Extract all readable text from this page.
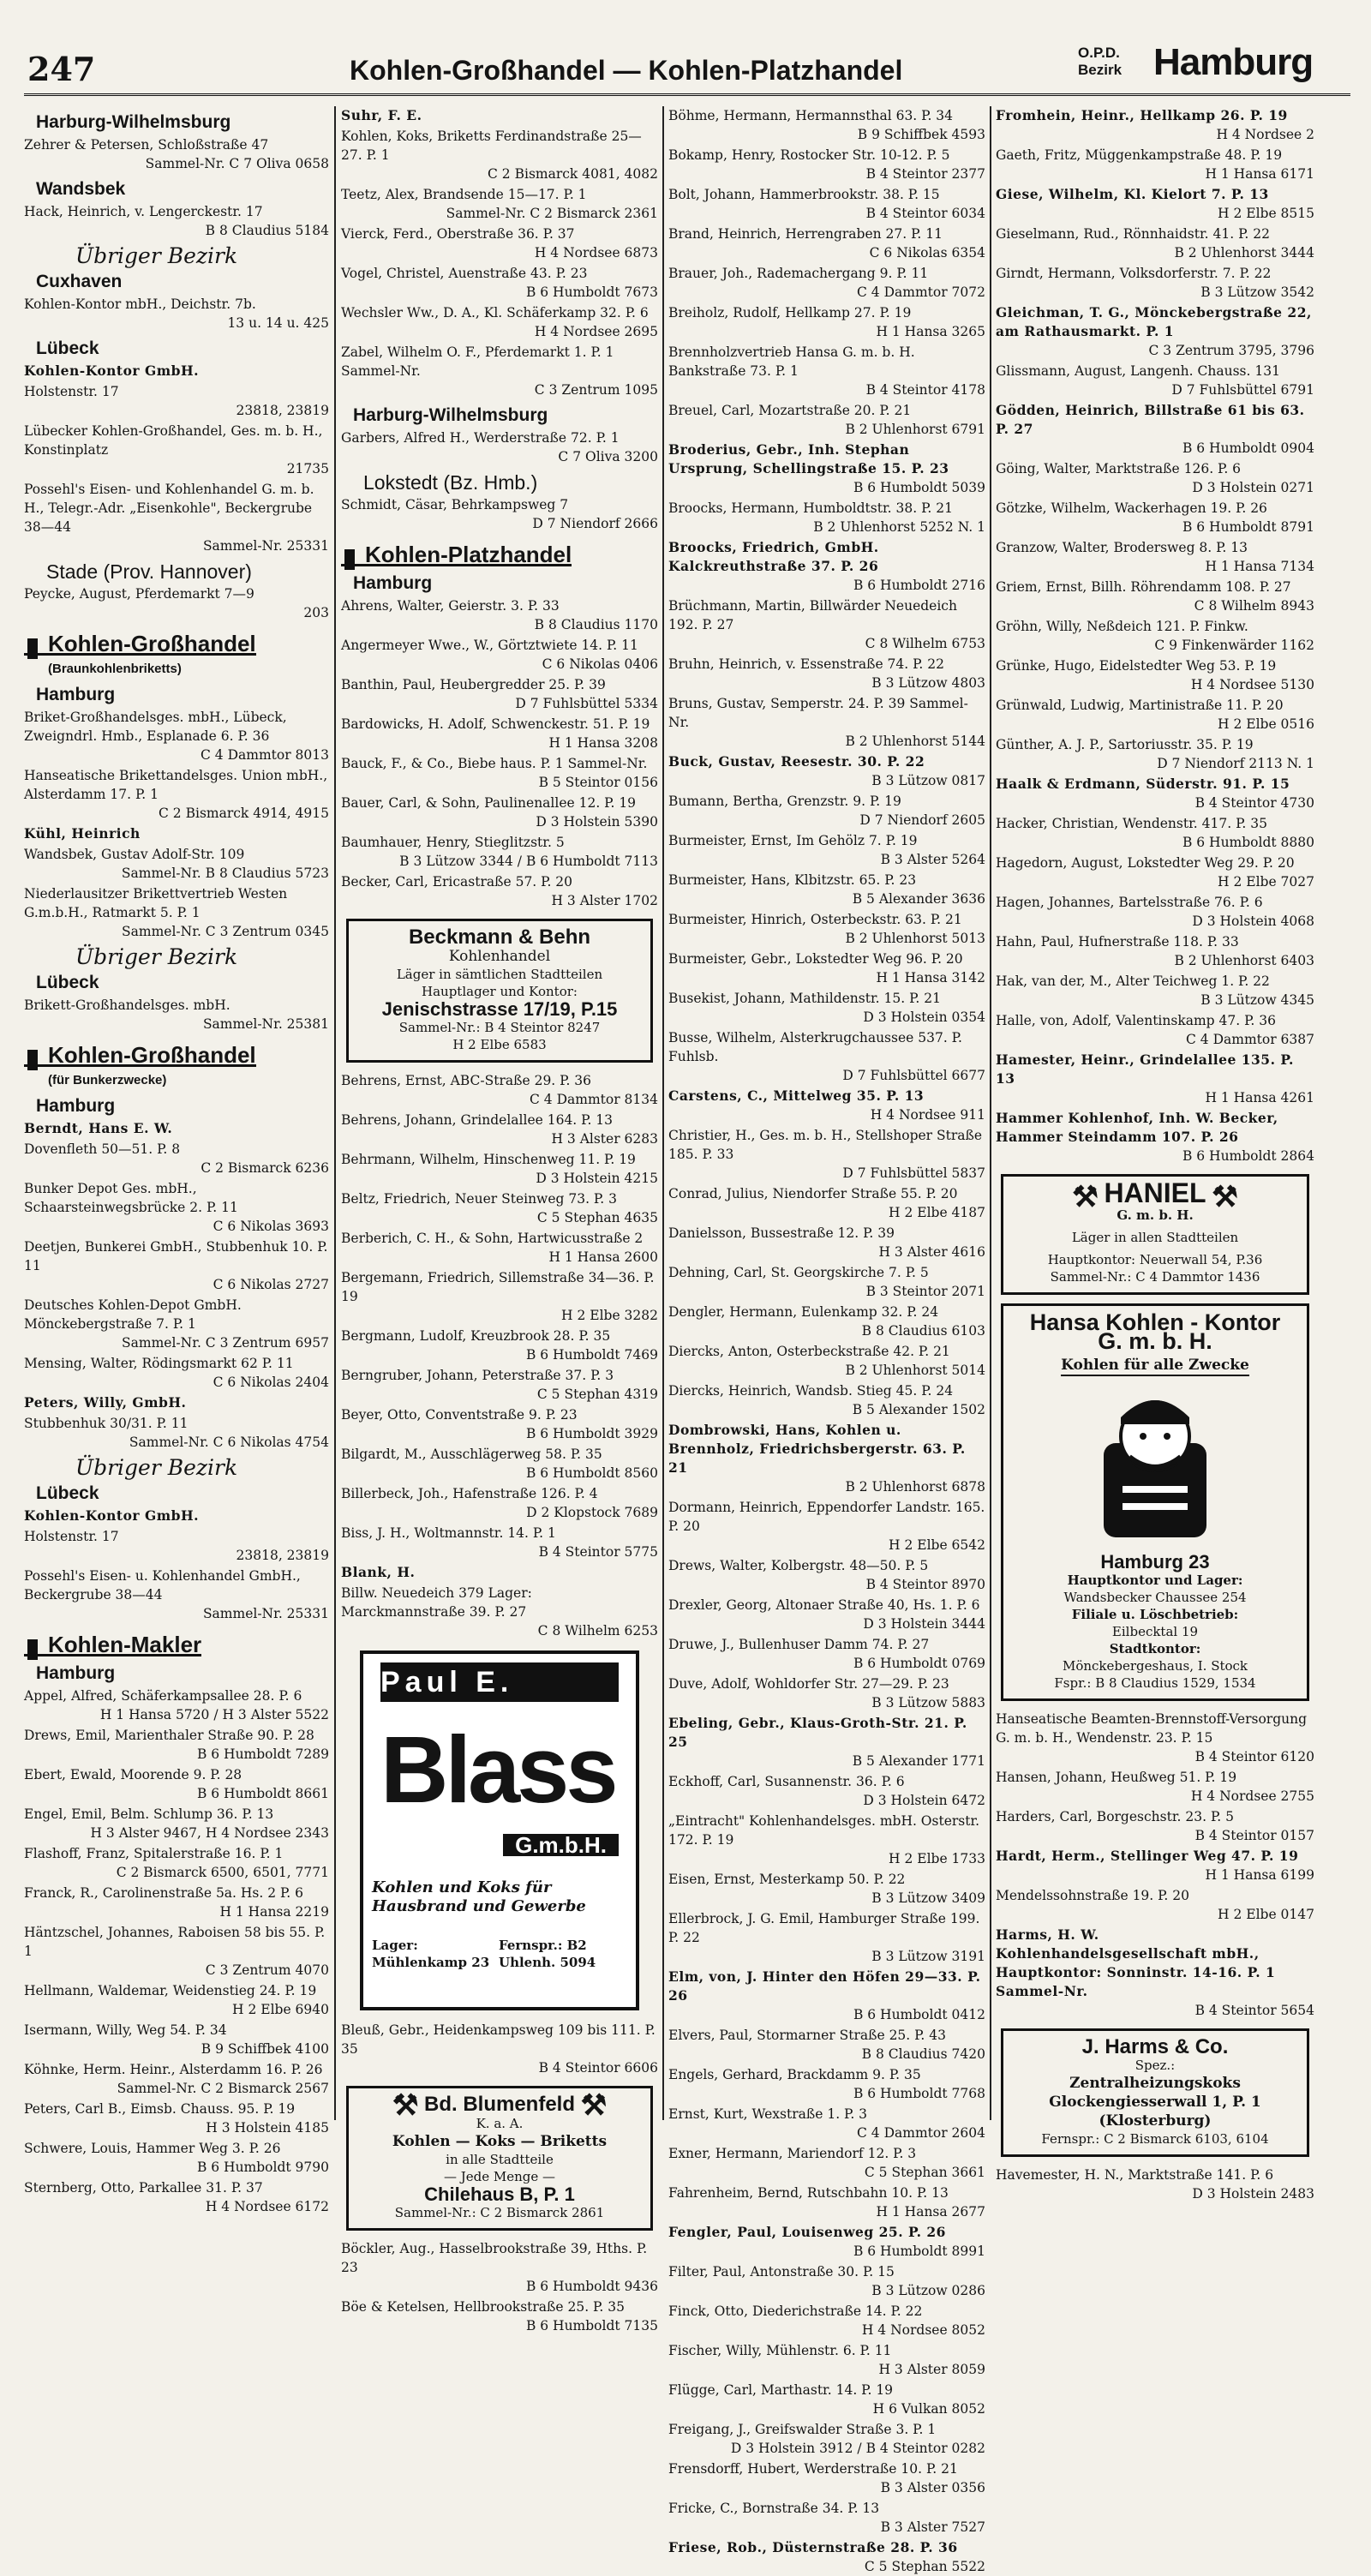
247	Kohlen-Großhandel — Kohlen-Platzhandel
O.P.D.
Bezirk Hamburg
Harburg-Wilhelmsburg
Zehrer & Petersen, Schloßstraße 47
Sammel-Nr. C 7 Oliva 0658
Wandsbek
Hack, Heinrich, v. Lengerckestr. 17
B 8 Claudius 5184
Übriger Bezirk
Cuxhaven
Kohlen-Kontor mbH., Deichstr. 7b.
13 u. 14 u. 425
Lübeck
Kohlen-Kontor GmbH.
Holstenstr. 17
23818, 23819
Lübecker Kohlen-Großhandel, Ges. m. b. H., Konstinplatz
21735
Possehl's Eisen- und Kohlenhandel G. m. b. H., Telegr.-Adr. „Eisenkohle", Beckergrube 38—44
Sammel-Nr. 25331
Stade (Prov. Hannover)
Peycke, August, Pferdemarkt 7—9
203
Kohlen-Großhandel
(Braunkohlenbriketts)
Hamburg
Briket-Großhandelsges. mbH., Lübeck, Zweigndrl. Hmb., Esplanade 6. P. 36
C 4 Dammtor 8013
Hanseatische Brikettandelsges. Union mbH., Alsterdamm 17. P. 1
C 2 Bismarck 4914, 4915
Kühl, Heinrich
Wandsbek, Gustav Adolf-Str. 109
Sammel-Nr. B 8 Claudius 5723
Niederlausitzer Brikettvertrieb Westen G.m.b.H., Ratmarkt 5. P. 1
Sammel-Nr. C 3 Zentrum 0345
Übriger Bezirk
Lübeck
Brikett-Großhandelsges. mbH.
Sammel-Nr. 25381
Kohlen-Großhandel
(für Bunkerzwecke)
Hamburg
Berndt, Hans E. W.
Dovenfleth 50—51. P. 8
C 2 Bismarck 6236
Bunker Depot Ges. mbH., Schaarsteinwegsbrücke 2. P. 11
C 6 Nikolas 3693
Deetjen, Bunkerei GmbH., Stubbenhuk 10. P. 11
C 6 Nikolas 2727
Deutsches Kohlen-Depot GmbH. Mönckebergstraße 7. P. 1
Sammel-Nr. C 3 Zentrum 6957
Mensing, Walter, Rödingsmarkt 62 P. 11
C 6 Nikolas 2404
Peters, Willy, GmbH.
Stubbenhuk 30/31. P. 11
Sammel-Nr. C 6 Nikolas 4754
Übriger Bezirk
Lübeck
Kohlen-Kontor GmbH.
Holstenstr. 17
23818, 23819
Possehl's Eisen- u. Kohlenhandel GmbH., Beckergrube 38—44
Sammel-Nr. 25331
Kohlen-Makler
Hamburg
Appel, Alfred, Schäferkampsallee 28. P. 6
H 1 Hansa 5720 / H 3 Alster 5522
Drews, Emil, Marienthaler Straße 90. P. 28
B 6 Humboldt 7289
Ebert, Ewald, Moorende 9. P. 28
B 6 Humboldt 8661
Engel, Emil, Belm. Schlump 36. P. 13
H 3 Alster 9467, H 4 Nordsee 2343
Flashoff, Franz, Spitalerstraße 16. P. 1
C 2 Bismarck 6500, 6501, 7771
Franck, R., Carolinenstraße 5a. Hs. 2 P. 6
H 1 Hansa 2219
Häntzschel, Johannes, Raboisen 58 bis 55. P. 1
C 3 Zentrum 4070
Hellmann, Waldemar, Weidenstieg 24. P. 19
H 2 Elbe 6940
Isermann, Willy, Weg 54. P. 34
B 9 Schiffbek 4100
Köhnke, Herm. Heinr., Alsterdamm 16. P. 26
Sammel-Nr. C 2 Bismarck 2567
Peters, Carl B., Eimsb. Chauss. 95. P. 19
H 3 Holstein 4185
Schwere, Louis, Hammer Weg 3. P. 26
B 6 Humboldt 9790
Sternberg, Otto, Parkallee 31. P. 37
H 4 Nordsee 6172
Suhr, F. E.
Kohlen, Koks, Briketts Ferdinandstraße 25—27. P. 1
C 2 Bismarck 4081, 4082
Teetz, Alex, Brandsende 15—17. P. 1
Sammel-Nr. C 2 Bismarck 2361
Vierck, Ferd., Oberstraße 36. P. 37
H 4 Nordsee 6873
Vogel, Christel, Auenstraße 43. P. 23
B 6 Humboldt 7673
Wechsler Ww., D. A., Kl. Schäferkamp 32. P. 6
H 4 Nordsee 2695
Zabel, Wilhelm O. F., Pferdemarkt 1. P. 1 Sammel-Nr.
C 3 Zentrum 1095
Harburg-Wilhelmsburg
Garbers, Alfred H., Werderstraße 72. P. 1
C 7 Oliva 3200
Lokstedt (Bz. Hmb.)
Schmidt, Cäsar, Behrkampsweg 7
D 7 Niendorf 2666
Kohlen-Platzhandel
Hamburg
Ahrens, Walter, Geierstr. 3. P. 33
B 8 Claudius 1170
Angermeyer Wwe., W., Görtztwiete 14. P. 11
C 6 Nikolas 0406
Banthin, Paul, Heubergredder 25. P. 39
D 7 Fuhlsbüttel 5334
Bardowicks, H. Adolf, Schwenckestr. 51. P. 19
H 1 Hansa 3208
Bauck, F., & Co., Biebe haus. P. 1 Sammel-Nr.
B 5 Steintor 0156
Bauer, Carl, & Sohn, Paulinenallee 12. P. 19
D 3 Holstein 5390
Baumhauer, Henry, Stieglitzstr. 5
B 3 Lützow 3344 / B 6 Humboldt 7113
Becker, Carl, Ericastraße 57. P. 20
H 3 Alster 1702
Beckmann & Behn
Kohlenhandel
Läger in sämtlichen Stadtteilen
Hauptlager und Kontor:
Jenischstrasse 17/19, P.15
Sammel-Nr.: B 4 Steintor 8247
H 2 Elbe 6583
Behrens, Ernst, ABC-Straße 29. P. 36
C 4 Dammtor 8134
Behrens, Johann, Grindelallee 164. P. 13
H 3 Alster 6283
Behrmann, Wilhelm, Hinschenweg 11. P. 19
D 3 Holstein 4215
Beltz, Friedrich, Neuer Steinweg 73. P. 3
C 5 Stephan 4635
Berberich, C. H., & Sohn, Hartwicusstraße 2
H 1 Hansa 2600
Bergemann, Friedrich, Sillemstraße 34—36. P. 19
H 2 Elbe 3282
Bergmann, Ludolf, Kreuzbrook 28. P. 35
B 6 Humboldt 7469
Berngruber, Johann, Peterstraße 37. P. 3
C 5 Stephan 4319
Beyer, Otto, Conventstraße 9. P. 23
B 6 Humboldt 3929
Bilgardt, M., Ausschlägerweg 58. P. 35
B 6 Humboldt 8560
Billerbeck, Joh., Hafenstraße 126. P. 4
D 2 Klopstock 7689
Biss, J. H., Woltmannstr. 14. P. 1
B 4 Steintor 5775
Blank, H.
Billw. Neuedeich 379 Lager: Marckmannstraße 39. P. 27
C 8 Wilhelm 6253
Paul E.
Blass
G.m.b.H.
Kohlen und Koks für Hausbrand und Gewerbe
Lager: Mühlenkamp 23
Fernspr.: B2 Uhlenh. 5094
Bleuß, Gebr., Heidenkampsweg 109 bis 111. P. 35
B 4 Steintor 6606
⚒ Bd. Blumenfeld ⚒
K. a. A.
Kohlen — Koks — Briketts
in alle Stadtteile
— Jede Menge —
Chilehaus B, P. 1
Sammel-Nr.: C 2 Bismarck 2861
Böckler, Aug., Hasselbrookstraße 39, Hths. P. 23
B 6 Humboldt 9436
Böe & Ketelsen, Hellbrookstraße 25. P. 35
B 6 Humboldt 7135
Böhme, Hermann, Hermannsthal 63. P. 34
B 9 Schiffbek 4593
Bokamp, Henry, Rostocker Str. 10-12. P. 5
B 4 Steintor 2377
Bolt, Johann, Hammerbrookstr. 38. P. 15
B 4 Steintor 6034
Brand, Heinrich, Herrengraben 27. P. 11
C 6 Nikolas 6354
Brauer, Joh., Rademachergang 9. P. 11
C 4 Dammtor 7072
Breiholz, Rudolf, Hellkamp 27. P. 19
H 1 Hansa 3265
Brennholzvertrieb Hansa G. m. b. H. Bankstraße 73. P. 1
B 4 Steintor 4178
Breuel, Carl, Mozartstraße 20. P. 21
B 2 Uhlenhorst 6791
Broderius, Gebr., Inh. Stephan Ursprung, Schellingstraße 15. P. 23
B 6 Humboldt 5039
Broocks, Hermann, Humboldtstr. 38. P. 21
B 2 Uhlenhorst 5252 N. 1
Broocks, Friedrich, GmbH. Kalckreuthstraße 37. P. 26
B 6 Humboldt 2716
Brüchmann, Martin, Billwärder Neuedeich 192. P. 27
C 8 Wilhelm 6753
Bruhn, Heinrich, v. Essenstraße 74. P. 22
B 3 Lützow 4803
Bruns, Gustav, Semperstr. 24. P. 39 Sammel-Nr.
B 2 Uhlenhorst 5144
Buck, Gustav, Reesestr. 30. P. 22
B 3 Lützow 0817
Bumann, Bertha, Grenzstr. 9. P. 19
D 7 Niendorf 2605
Burmeister, Ernst, Im Gehölz 7. P. 19
B 3 Alster 5264
Burmeister, Hans, Klbitzstr. 65. P. 23
B 5 Alexander 3636
Burmeister, Hinrich, Osterbeckstr. 63. P. 21
B 2 Uhlenhorst 5013
Burmeister, Gebr., Lokstedter Weg 96. P. 20
H 1 Hansa 3142
Busekist, Johann, Mathildenstr. 15. P. 21
D 3 Holstein 0354
Busse, Wilhelm, Alsterkrugchaussee 537. P. Fuhlsb.
D 7 Fuhlsbüttel 6677
Carstens, C., Mittelweg 35. P. 13
H 4 Nordsee 911
Christier, H., Ges. m. b. H., Stellshoper Straße 185. P. 33
D 7 Fuhlsbüttel 5837
Conrad, Julius, Niendorfer Straße 55. P. 20
H 2 Elbe 4187
Danielsson, Bussestraße 12. P. 39
H 3 Alster 4616
Dehning, Carl, St. Georgskirche 7. P. 5
B 3 Steintor 2071
Dengler, Hermann, Eulenkamp 32. P. 24
B 8 Claudius 6103
Diercks, Anton, Osterbeckstraße 42. P. 21
B 2 Uhlenhorst 5014
Diercks, Heinrich, Wandsb. Stieg 45. P. 24
B 5 Alexander 1502
Dombrowski, Hans, Kohlen u. Brennholz, Friedrichsbergerstr. 63. P. 21
B 2 Uhlenhorst 6878
Dormann, Heinrich, Eppendorfer Landstr. 165. P. 20
H 2 Elbe 6542
Drews, Walter, Kolbergstr. 48—50. P. 5
B 4 Steintor 8970
Drexler, Georg, Altonaer Straße 40, Hs. 1. P. 6
D 3 Holstein 3444
Druwe, J., Bullenhuser Damm 74. P. 27
B 6 Humboldt 0769
Duve, Adolf, Wohldorfer Str. 27—29. P. 23
B 3 Lützow 5883
Ebeling, Gebr., Klaus-Groth-Str. 21. P. 25
B 5 Alexander 1771
Eckhoff, Carl, Susannenstr. 36. P. 6
D 3 Holstein 6472
„Eintracht" Kohlenhandelsges. mbH. Osterstr. 172. P. 19
H 2 Elbe 1733
Eisen, Ernst, Mesterkamp 50. P. 22
B 3 Lützow 3409
Ellerbrock, J. G. Emil, Hamburger Straße 199. P. 22
B 3 Lützow 3191
Elm, von, J. Hinter den Höfen 29—33. P. 26
B 6 Humboldt 0412
Elvers, Paul, Stormarner Straße 25. P. 43
B 8 Claudius 7420
Engels, Gerhard, Brackdamm 9. P. 35
B 6 Humboldt 7768
Ernst, Kurt, Wexstraße 1. P. 3
C 4 Dammtor 2604
Exner, Hermann, Mariendorf 12. P. 3
C 5 Stephan 3661
Fahrenheim, Bernd, Rutschbahn 10. P. 13
H 1 Hansa 2677
Fengler, Paul, Louisenweg 25. P. 26
B 6 Humboldt 8991
Filter, Paul, Antonstraße 30. P. 15
B 3 Lützow 0286
Finck, Otto, Diederichstraße 14. P. 22
H 4 Nordsee 8052
Fischer, Willy, Mühlenstr. 6. P. 11
H 3 Alster 8059
Flügge, Carl, Marthastr. 14. P. 19
H 6 Vulkan 8052
Freigang, J., Greifswalder Straße 3. P. 1
D 3 Holstein 3912 / B 4 Steintor 0282
Frensdorff, Hubert, Werderstraße 10. P. 21
B 3 Alster 0356
Fricke, C., Bornstraße 34. P. 13
B 3 Alster 7527
Friese, Rob., Düsternstraße 28. P. 36
C 5 Stephan 5522
Fromhein, Heinr., Hellkamp 26. P. 19
H 4 Nordsee 2
Gaeth, Fritz, Müggenkampstraße 48. P. 19
H 1 Hansa 6171
Giese, Wilhelm, Kl. Kielort 7. P. 13
H 2 Elbe 8515
Gieselmann, Rud., Rönnhaidstr. 41. P. 22
B 2 Uhlenhorst 3444
Girndt, Hermann, Volksdorferstr. 7. P. 22
B 3 Lützow 3542
Gleichman, T. G., Mönckebergstraße 22, am Rathausmarkt. P. 1
C 3 Zentrum 3795, 3796
Glissmann, August, Langenh. Chauss. 131
D 7 Fuhlsbüttel 6791
Gödden, Heinrich, Billstraße 61 bis 63. P. 27
B 6 Humboldt 0904
Göing, Walter, Marktstraße 126. P. 6
D 3 Holstein 0271
Götzke, Wilhelm, Wackerhagen 19. P. 26
B 6 Humboldt 8791
Granzow, Walter, Brodersweg 8. P. 13
H 1 Hansa 7134
Griem, Ernst, Billh. Röhrendamm 108. P. 27
C 8 Wilhelm 8943
Gröhn, Willy, Neßdeich 121. P. Finkw.
C 9 Finkenwärder 1162
Grünke, Hugo, Eidelstedter Weg 53. P. 19
H 4 Nordsee 5130
Grünwald, Ludwig, Martinistraße 11. P. 20
H 2 Elbe 0516
Günther, A. J. P., Sartoriusstr. 35. P. 19
D 7 Niendorf 2113 N. 1
Haalk & Erdmann, Süderstr. 91. P. 15
B 4 Steintor 4730
Hacker, Christian, Wendenstr. 417. P. 35
B 6 Humboldt 8880
Hagedorn, August, Lokstedter Weg 29. P. 20
H 2 Elbe 7027
Hagen, Johannes, Bartelsstraße 76. P. 6
D 3 Holstein 4068
Hahn, Paul, Hufnerstraße 118. P. 33
B 2 Uhlenhorst 6403
Hak, van der, M., Alter Teichweg 1. P. 22
B 3 Lützow 4345
Halle, von, Adolf, Valentinskamp 47. P. 36
C 4 Dammtor 6387
Hamester, Heinr., Grindelallee 135. P. 13
H 1 Hansa 4261
Hammer Kohlenhof, Inh. W. Becker, Hammer Steindamm 107. P. 26
B 6 Humboldt 2864
⚒ HANIEL ⚒
G. m. b. H.
Läger in allen Stadtteilen
Hauptkontor: Neuerwall 54, P.36
Sammel-Nr.: C 4 Dammtor 1436
Hansa Kohlen - Kontor
G. m. b. H.
Kohlen für alle Zwecke
Hamburg 23
Hauptkontor und Lager:
Wandsbecker Chaussee 254
Filiale u. Löschbetrieb:
Eilbecktal 19
Stadtkontor:
Mönckebergeshaus, I. Stock
Fspr.: B 8 Claudius 1529, 1534
Hanseatische Beamten-Brennstoff-Versorgung G. m. b. H., Wendenstr. 23. P. 15
B 4 Steintor 6120
Hansen, Johann, Heußweg 51. P. 19
H 4 Nordsee 2755
Harders, Carl, Borgeschstr. 23. P. 5
B 4 Steintor 0157
Hardt, Herm., Stellinger Weg 47. P. 19
H 1 Hansa 6199
Mendelssohnstraße 19. P. 20
H 2 Elbe 0147
Harms, H. W. Kohlenhandelsgesellschaft mbH., Hauptkontor: Sonninstr. 14-16. P. 1 Sammel-Nr.
B 4 Steintor 5654
J. Harms & Co.
Spez.:
Zentralheizungskoks
Glockengiesserwall 1, P. 1
(Klosterburg)
Fernspr.: C 2 Bismarck 6103, 6104
Havemester, H. N., Marktstraße 141. P. 6
D 3 Holstein 2483
